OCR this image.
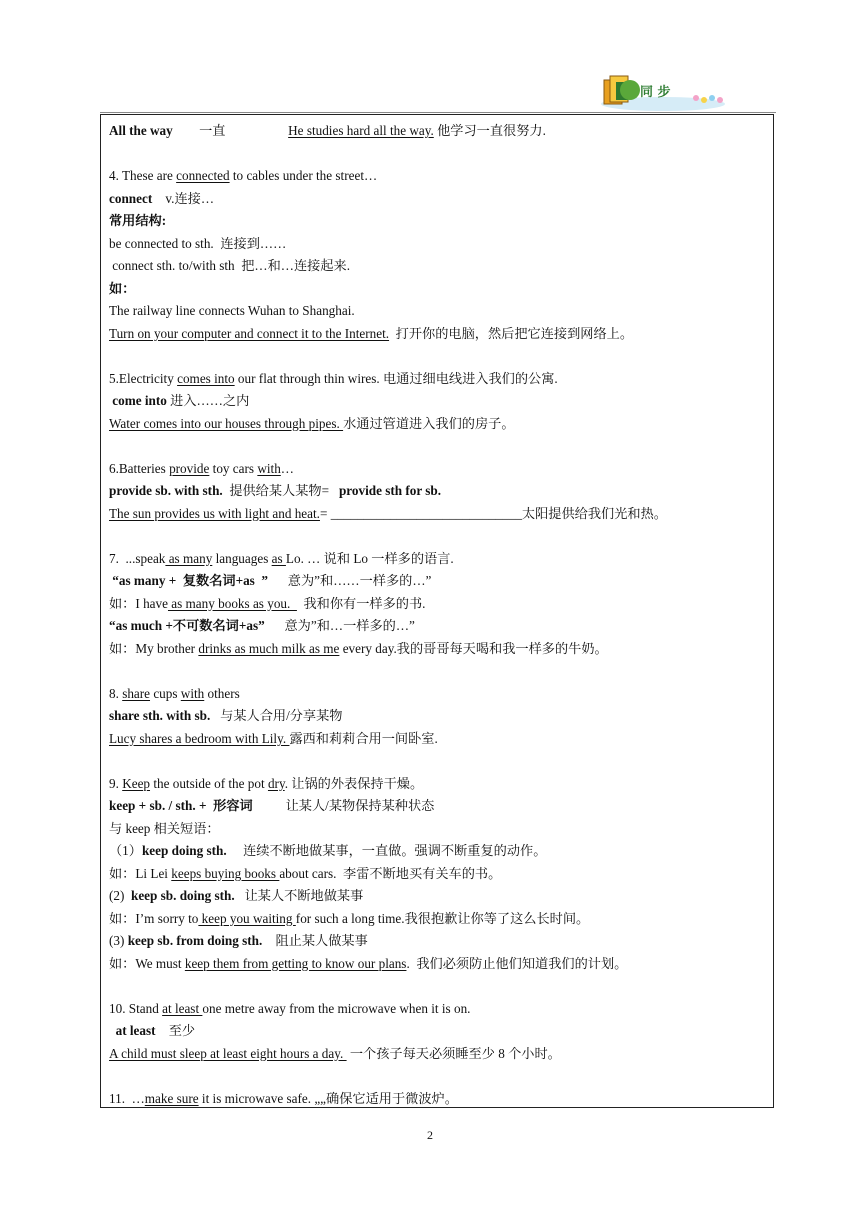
同 步
All the way 一直	He studies hard all the way. 他学习一直很努力.
4. These are connected to cables under the street…
connect v.连接…
常用结构:
be connected to sth.  连接到……
connect sth. to/with sth  把…和…连接起来.
如：
The railway line connects Wuhan to Shanghai.
Turn on your computer and connect it to the Internet. 打开你的电脑，然后把它连接到网络上。
5.Electricity comes into our flat through thin wires. 电通过细电线进入我们的公寓.
come into 进入……之内
Water comes into our houses through pipes. 水通过管道进入我们的房子。
6.Batteries provide toy cars with…
provide sb. with sth.  提供给某人某物=   provide sth for sb.
The sun provides us with light and heat.= _____________________________太阳提供给我们光和热。
7.  ...speak as many languages as Lo. … 说和 Lo 一样多的语言.
“as many +  复数名词+as  ”      意为”和……一样多的…”
如：I have as many books as you.    我和你有一样多的书.
“as much +不可数名词+as”      意为”和…一样多的…”
如：My brother drinks as much milk as me every day.我的哥哥每天喝和我一样多的牛奶。
8. share cups with others
share sth. with sb.   与某人合用/分享某物
Lucy shares a bedroom with Lily. 露西和莉莉合用一间卧室.
9. Keep the outside of the pot dry. 让锅的外表保持干燥。
keep + sb. / sth. +  形容词          让某人/某物保持某种状态
与 keep 相关短语：
（1）keep doing sth.     连续不断地做某事，一直做。强调不断重复的动作。
如：Li Lei keeps buying books about cars.  李雷不断地买有关车的书。
(2)  keep sb. doing sth.   让某人不断地做某事
如：I’m sorry to keep you waiting for such a long time.我很抱歉让你等了这么长时间。
(3) keep sb. from doing sth.    阻止某人做某事
如：We must keep them from getting to know our plans.  我们必须防止他们知道我们的计划。
10. Stand at least one metre away from the microwave when it is on.
at least    至少
A child must sleep at least eight hours a day.  一个孩子每天必须睡至少 8 个小时。
11.  …make sure it is microwave safe. „„确保它适用于微波炉。
2
